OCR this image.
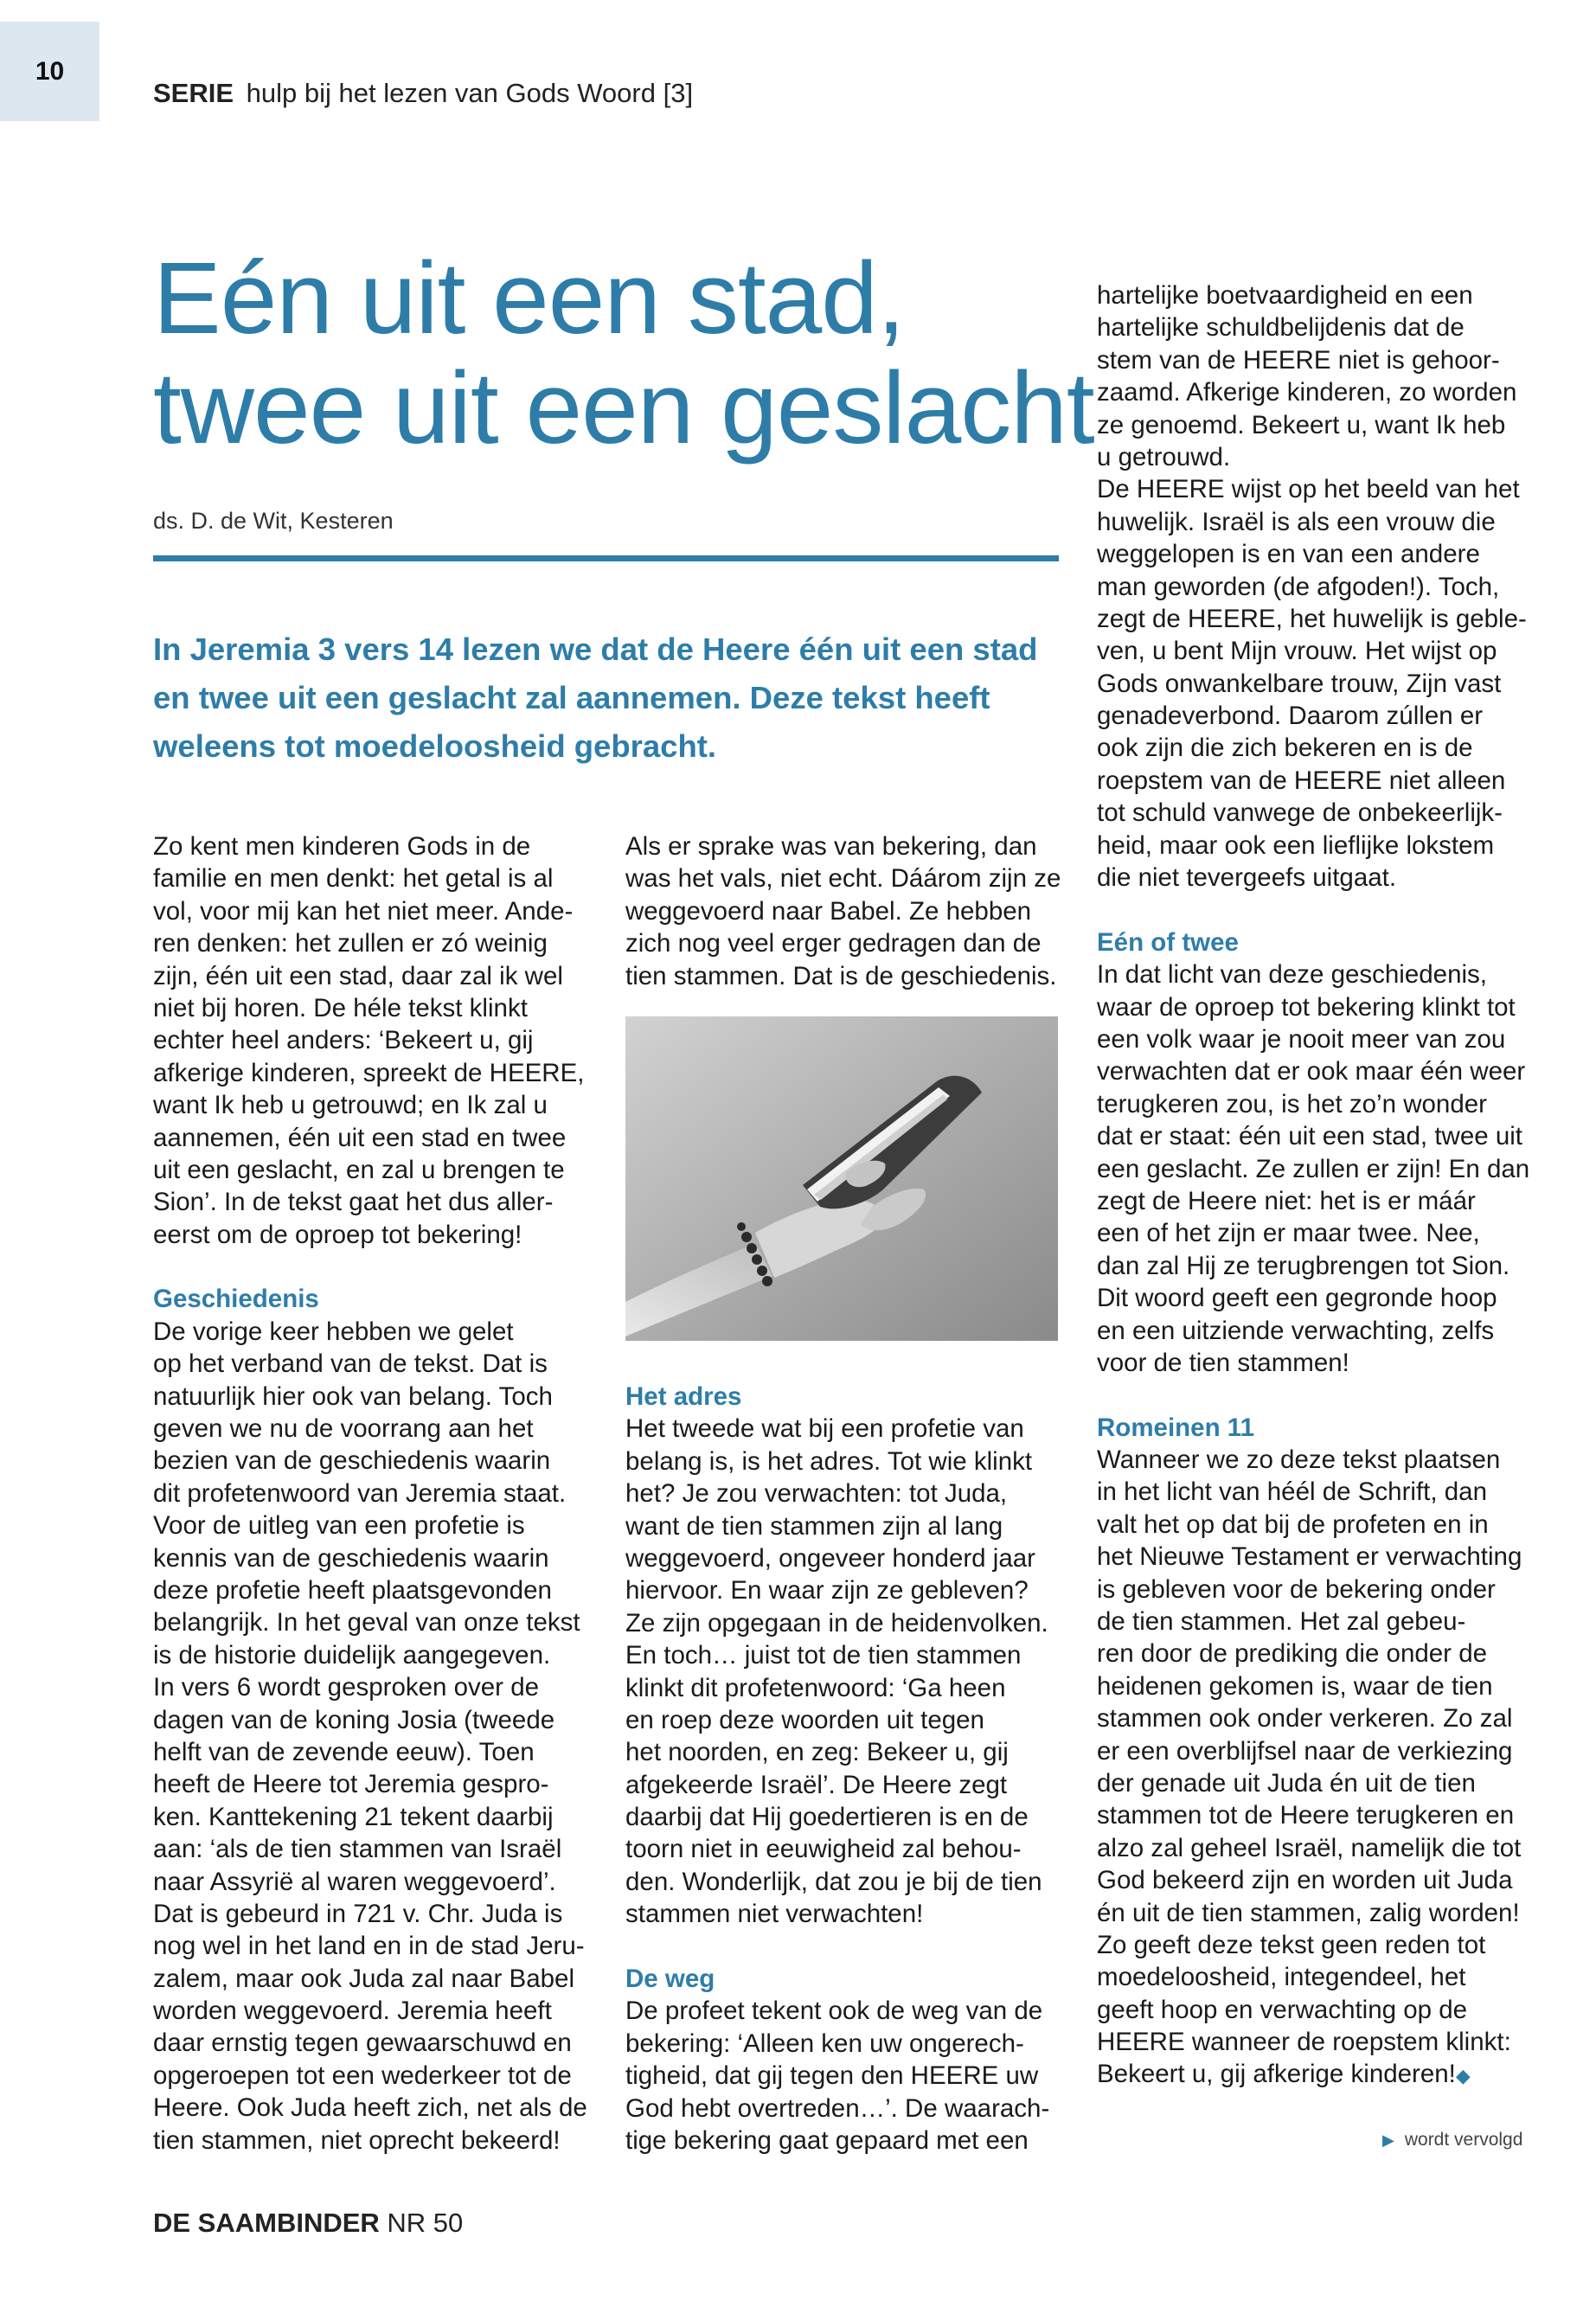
10
SERIE hulp bij het lezen van Gods Woord [3]
Eén uit een stad,
twee uit een geslacht
ds. D. de Wit, Kesteren
In Jeremia 3 vers 14 lezen we dat de Heere één uit een stad
en twee uit een geslacht zal aannemen. Deze tekst heeft
weleens tot moedeloosheid gebracht.
Zo kent men kinderen Gods in de
familie en men denkt: het getal is al
vol, voor mij kan het niet meer. Ande-
ren denken: het zullen er zó weinig
zijn, één uit een stad, daar zal ik wel
niet bij horen. De héle tekst klinkt
echter heel anders: ‘Bekeert u, gij
afkerige kinderen, spreekt de HEERE,
want Ik heb u getrouwd; en Ik zal u
aannemen, één uit een stad en twee
uit een geslacht, en zal u brengen te
Sion’. In de tekst gaat het dus aller-
eerst om de oproep tot bekering!
Geschiedenis
De vorige keer hebben we gelet
op het verband van de tekst. Dat is
natuurlijk hier ook van belang. Toch
geven we nu de voorrang aan het
bezien van de geschiedenis waarin
dit profetenwoord van Jeremia staat.
Voor de uitleg van een profetie is
kennis van de geschiedenis waarin
deze profetie heeft plaatsgevonden
belangrijk. In het geval van onze tekst
is de historie duidelijk aangegeven.
In vers 6 wordt gesproken over de
dagen van de koning Josia (tweede
helft van de zevende eeuw). Toen
heeft de Heere tot Jeremia gespro-
ken. Kanttekening 21 tekent daarbij
aan: ‘als de tien stammen van Israël
naar Assyrië al waren weggevoerd’.
Dat is gebeurd in 721 v. Chr. Juda is
nog wel in het land en in de stad Jeru-
zalem, maar ook Juda zal naar Babel
worden weggevoerd. Jeremia heeft
daar ernstig tegen gewaarschuwd en
opgeroepen tot een wederkeer tot de
Heere. Ook Juda heeft zich, net als de
tien stammen, niet oprecht bekeerd!
Als er sprake was van bekering, dan
was het vals, niet echt. Dáárom zijn ze
weggevoerd naar Babel. Ze hebben
zich nog veel erger gedragen dan de
tien stammen. Dat is de geschiedenis.
Het adres
Het tweede wat bij een profetie van
belang is, is het adres. Tot wie klinkt
het? Je zou verwachten: tot Juda,
want de tien stammen zijn al lang
weggevoerd, ongeveer honderd jaar
hiervoor. En waar zijn ze gebleven?
Ze zijn opgegaan in de heidenvolken.
En toch… juist tot de tien stammen
klinkt dit profetenwoord: ‘Ga heen
en roep deze woorden uit tegen
het noorden, en zeg: Bekeer u, gij
afgekeerde Israël’. De Heere zegt
daarbij dat Hij goedertieren is en de
toorn niet in eeuwigheid zal behou-
den. Wonderlijk, dat zou je bij de tien
stammen niet verwachten!
De weg
De profeet tekent ook de weg van de
bekering: ‘Alleen ken uw ongerech-
tigheid, dat gij tegen den HEERE uw
God hebt overtreden…’. De waarach-
tige bekering gaat gepaard met een
hartelijke boetvaardigheid en een
hartelijke schuldbelijdenis dat de
stem van de HEERE niet is gehoor-
zaamd. Afkerige kinderen, zo worden
ze genoemd. Bekeert u, want Ik heb
u getrouwd.
De HEERE wijst op het beeld van het
huwelijk. Israël is als een vrouw die
weggelopen is en van een andere
man geworden (de afgoden!). Toch,
zegt de HEERE, het huwelijk is geble-
ven, u bent Mijn vrouw. Het wijst op
Gods onwankelbare trouw, Zijn vast
genadeverbond. Daarom zúllen er
ook zijn die zich bekeren en is de
roepstem van de HEERE niet alleen
tot schuld vanwege de onbekeerlijk-
heid, maar ook een lieflijke lokstem
die niet tevergeefs uitgaat.
Eén of twee
In dat licht van deze geschiedenis,
waar de oproep tot bekering klinkt tot
een volk waar je nooit meer van zou
verwachten dat er ook maar één weer
terugkeren zou, is het zo’n wonder
dat er staat: één uit een stad, twee uit
een geslacht. Ze zullen er zijn! En dan
zegt de Heere niet: het is er máár
een of het zijn er maar twee. Nee,
dan zal Hij ze terugbrengen tot Sion.
Dit woord geeft een gegronde hoop
en een uitziende verwachting, zelfs
voor de tien stammen!
Romeinen 11
Wanneer we zo deze tekst plaatsen
in het licht van héél de Schrift, dan
valt het op dat bij de profeten en in
het Nieuwe Testament er verwachting
is gebleven voor de bekering onder
de tien stammen. Het zal gebeu-
ren door de prediking die onder de
heidenen gekomen is, waar de tien
stammen ook onder verkeren. Zo zal
er een overblijfsel naar de verkiezing
der genade uit Juda én uit de tien
stammen tot de Heere terugkeren en
alzo zal geheel Israël, namelijk die tot
God bekeerd zijn en worden uit Juda
én uit de tien stammen, zalig worden!
Zo geeft deze tekst geen reden tot
moedeloosheid, integendeel, het
geeft hoop en verwachting op de
HEERE wanneer de roepstem klinkt:
Bekeert u, gij afkerige kinderen!◆
▶ wordt vervolgd
DE SAAMBINDER NR 50
